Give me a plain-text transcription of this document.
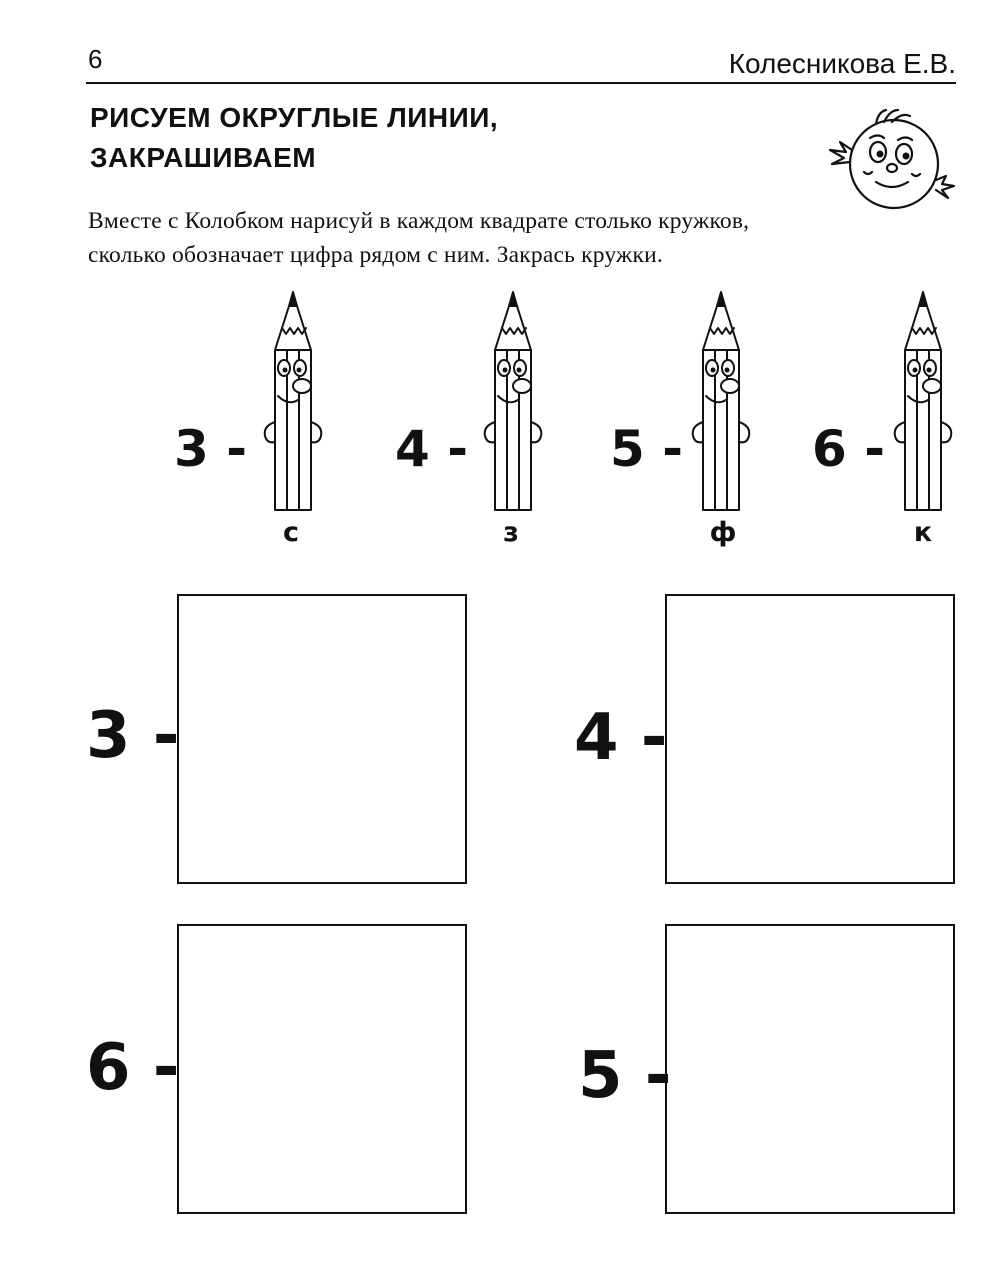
6	Колесникова Е.В.
РИСУЕМ ОКРУГЛЫЕ ЛИНИИ,
ЗАКРАШИВАЕМ
Вместе с Колобком нарисуй в каждом квадрате столько кружков,
сколько обозначает цифра рядом с ним. Закрась кружки.
3 -	4 -	5 -	6 -
с	з	ф	к
3 -	4 -
6 -	5 -
